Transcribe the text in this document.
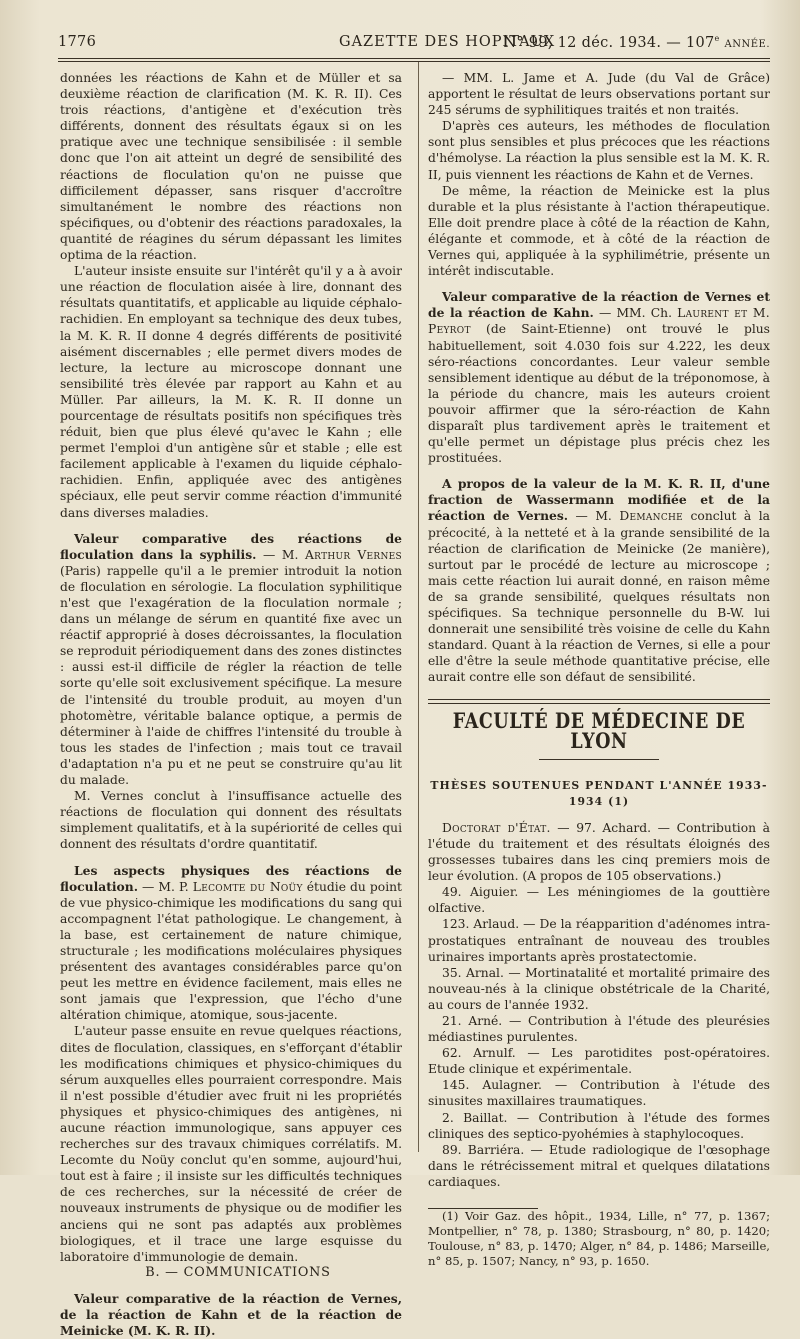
1776	GAZETTE DES HOPITAUX
N° 99, 12 déc. 1934. — 107e ANNÉE.

données les réactions de Kahn et de Müller et sa deuxième réaction de clarification (M. K. R. II). Ces trois réactions, d'antigène et d'exécution très différents, donnent des résultats égaux si on les pratique avec une technique sensibilisée : il semble donc que l'on ait atteint un degré de sensibilité des réactions de floculation qu'on ne puisse que difficilement dépasser, sans risquer d'accroître simultanément le nombre des réactions non spécifiques, ou d'obtenir des réactions paradoxales, la quantité de réagines du sérum dépassant les limites optima de la réaction.

L'auteur insiste ensuite sur l'intérêt qu'il y a à avoir une réaction de floculation aisée à lire, donnant des résultats quantitatifs, et applicable au liquide céphalo-rachidien. En employant sa technique des deux tubes, la M. K. R. II donne 4 degrés différents de positivité aisément discernables ; elle permet divers modes de lecture, la lecture au microscope donnant une sensibilité très élevée par rapport au Kahn et au Müller. Par ailleurs, la M. K. R. II donne un pourcentage de résultats positifs non spécifiques très réduit, bien que plus élevé qu'avec le Kahn ; elle permet l'emploi d'un antigène sûr et stable ; elle est facilement applicable à l'examen du liquide céphalo-rachidien. Enfin, appliquée avec des antigènes spéciaux, elle peut servir comme réaction d'immunité dans diverses maladies.

Valeur comparative des réactions de floculation dans la syphilis. — M. Arthur Vernes (Paris) rappelle qu'il a le premier introduit la notion de floculation en sérologie. La floculation syphilitique n'est que l'exagération de la floculation normale ; dans un mélange de sérum en quantité fixe avec un réactif approprié à doses décroissantes, la floculation se reproduit périodiquement dans des zones distinctes : aussi est-il difficile de régler la réaction de telle sorte qu'elle soit exclusivement spécifique. La mesure de l'intensité du trouble produit, au moyen d'un photomètre, véritable balance optique, a permis de déterminer à l'aide de chiffres l'intensité du trouble à tous les stades de l'infection ; mais tout ce travail d'adaptation n'a pu et ne peut se construire qu'au lit du malade.

M. Vernes conclut à l'insuffisance actuelle des réactions de floculation qui donnent des résultats simplement qualitatifs, et à la supériorité de celles qui donnent des résultats d'ordre quantitatif.

Les aspects physiques des réactions de floculation. — M. P. Lecomte du Noüy étudie du point de vue physico-chimique les modifications du sang qui accompagnent l'état pathologique. Le changement, à la base, est certainement de nature chimique, structurale ; les modifications moléculaires physiques présentent des avantages considérables parce qu'on peut les mettre en évidence facilement, mais elles ne sont jamais que l'expression, que l'écho d'une altération chimique, atomique, sous-jacente.

L'auteur passe ensuite en revue quelques réactions, dites de floculation, classiques, en s'efforçant d'établir les modifications chimiques et physico-chimiques du sérum auxquelles elles pourraient correspondre. Mais il n'est possible d'étudier avec fruit ni les propriétés physiques et physico-chimiques des antigènes, ni aucune réaction immunologique, sans appuyer ces recherches sur des travaux chimiques corrélatifs. M. Lecomte du Noüy conclut qu'en somme, aujourd'hui, tout est à faire ; il insiste sur les difficultés techniques de ces recherches, sur la nécessité de créer de nouveaux instruments de physique ou de modifier les anciens qui ne sont pas adaptés aux problèmes biologiques, et il trace une large esquisse du laboratoire d'immunologie de demain.

B. — COMMUNICATIONS

Valeur comparative de la réaction de Vernes, de la réaction de Kahn et de la réaction de Meinicke (M. K. R. II).

— MM. L. Jame et A. Jude (du Val de Grâce) apportent le résultat de leurs observations portant sur 245 sérums de syphilitiques traités et non traités.

D'après ces auteurs, les méthodes de floculation sont plus sensibles et plus précoces que les réactions d'hémolyse. La réaction la plus sensible est la M. K. R. II, puis viennent les réactions de Kahn et de Vernes.

De même, la réaction de Meinicke est la plus durable et la plus résistante à l'action thérapeutique. Elle doit prendre place à côté de la réaction de Kahn, élégante et commode, et à côté de la réaction de Vernes qui, appliquée à la syphilimétrie, présente un intérêt indiscutable.

Valeur comparative de la réaction de Vernes et de la réaction de Kahn. — MM. Ch. Laurent et M. Peyrot (de Saint-Etienne) ont trouvé le plus habituellement, soit 4.030 fois sur 4.222, les deux séro-réactions concordantes. Leur valeur semble sensiblement identique au début de la tréponomose, à la période du chancre, mais les auteurs croient pouvoir affirmer que la séro-réaction de Kahn disparaît plus tardivement après le traitement et qu'elle permet un dépistage plus précis chez les prostituées.

A propos de la valeur de la M. K. R. II, d'une fraction de Wassermann modifiée et de la réaction de Vernes. — M. Demanche conclut à la précocité, à la netteté et à la grande sensibilité de la réaction de clarification de Meinicke (2e manière), surtout par le procédé de lecture au microscope ; mais cette réaction lui aurait donné, en raison même de sa grande sensibilité, quelques résultats non spécifiques. Sa technique personnelle du B-W. lui donnerait une sensibilité très voisine de celle du Kahn standard. Quant à la réaction de Vernes, si elle a pour elle d'être la seule méthode quantitative précise, elle aurait contre elle son défaut de sensibilité.

FACULTÉ DE MÉDECINE DE LYON
THÈSES SOUTENUES PENDANT L'ANNÉE 1933-1934 (1)

Doctorat d'État. — 97. Achard. — Contribution à l'étude du traitement et des résultats éloignés des grossesses tubaires dans les cinq premiers mois de leur évolution. (A propos de 105 observations.)

49. Aiguier. — Les méningiomes de la gouttière olfactive.

123. Arlaud. — De la réapparition d'adénomes intra-prostatiques entraînant de nouveau des troubles urinaires importants après prostatectomie.

35. Arnal. — Mortinatalité et mortalité primaire des nouveau-nés à la clinique obstétricale de la Charité, au cours de l'année 1932.

21. Arné. — Contribution à l'étude des pleurésies médiastines purulentes.

62. Arnulf. — Les parotidites post-opératoires. Etude clinique et expérimentale.

145. Aulagner. — Contribution à l'étude des sinusites maxillaires traumatiques.

2. Baillat. — Contribution à l'étude des formes cliniques des septico-pyohémies à staphylocoques.

89. Barriéra. — Etude radiologique de l'œsophage dans le rétrécissement mitral et quelques dilatations cardiaques.

(1) Voir Gaz. des hôpit., 1934, Lille, n° 77, p. 1367; Montpellier, n° 78, p. 1380; Strasbourg, n° 80, p. 1420; Toulouse, n° 83, p. 1470; Alger, n° 84, p. 1486; Marseille, n° 85, p. 1507; Nancy, n° 93, p. 1650.
